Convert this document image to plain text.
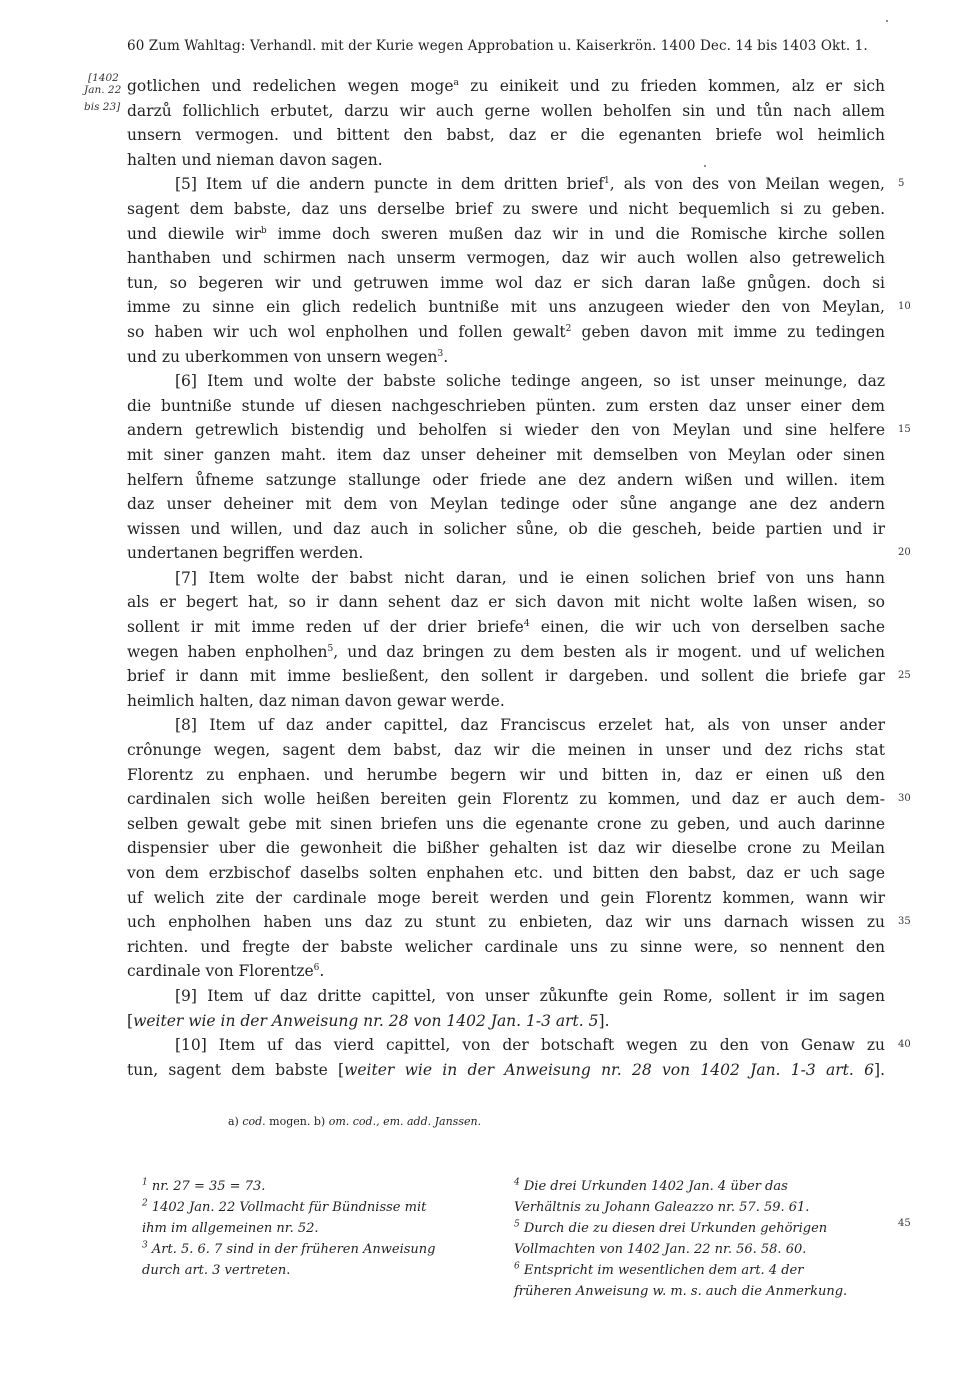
60 Zum Wahltag: Verhandl. mit der Kurie wegen Approbation u. Kaiserkrön. 1400 Dec. 14 bis 1403 Okt. 1.
[1402
Jan. 22
bis 23]
gotlichen und redelichen wegen moge$^a$ zu einikeit und zu frieden kommen, alz er sich
darzů follichlich erbutet, darzu wir auch gerne wollen beholfen sin und tůn nach allem
unsern vermogen. und bittent den babst, daz er die egenanten briefe wol heimlich
halten und nieman davon sagen.
[5] Item uf die andern puncte in dem dritten brief$^1$, als von des von Meilan wegen,
sagent dem babste, daz uns derselbe brief zu swere und nicht bequemlich si zu geben.
und diewile wir$^b$ imme doch sweren mußen daz wir in und die Romische kirche sollen
hanthaben und schirmen nach unserm vermogen, daz wir auch wollen also getrewelich
tun, so begeren wir und getruwen imme wol daz er sich daran laße gnůgen. doch si
imme zu sinne ein glich redelich buntniße mit uns anzugeen wieder den von Meylan,
so haben wir uch wol enpholhen und follen gewalt$^2$ geben davon mit imme zu tedingen
und zu uberkommen von unsern wegen$^3$.
[6] Item und wolte der babste soliche tedinge angeen, so ist unser meinunge, daz
die buntniße stunde uf diesen nachgeschrieben pünten. zum ersten daz unser einer dem
andern getrewlich bistendig und beholfen si wieder den von Meylan und sine helfere
mit siner ganzen maht. item daz unser deheiner mit demselben von Meylan oder sinen
helfern ůfneme satzunge stallunge oder friede ane dez andern wißen und willen. item
daz unser deheiner mit dem von Meylan tedinge oder sůne angange ane dez andern
wissen und willen, und daz auch in solicher sůne, ob die gescheh, beide partien und ir
undertanen begriffen werden.
[7] Item wolte der babst nicht daran, und ie einen solichen brief von uns hann
als er begert hat, so ir dann sehent daz er sich davon mit nicht wolte laßen wisen, so
sollent ir mit imme reden uf der drier briefe$^4$ einen, die wir uch von derselben sache
wegen haben enpholhen$^5$, und daz bringen zu dem besten als ir mogent. und uf welichen
brief ir dann mit imme besließent, den sollent ir dargeben. und sollent die briefe gar
heimlich halten, daz niman davon gewar werde.
[8] Item uf daz ander capittel, daz Franciscus erzelet hat, als von unser ander
crônunge wegen, sagent dem babst, daz wir die meinen in unser und dez richs stat
Florentz zu enphaen. und herumbe begern wir und bitten in, daz er einen uß den
cardinalen sich wolle heißen bereiten gein Florentz zu kommen, und daz er auch dem-
selben gewalt gebe mit sinen briefen uns die egenante crone zu geben, und auch darinne
dispensier uber die gewonheit die bißher gehalten ist daz wir dieselbe crone zu Meilan
von dem erzbischof daselbs solten enphahen etc. und bitten den babst, daz er uch sage
uf welich zite der cardinale moge bereit werden und gein Florentz kommen, wann wir
uch enpholhen haben uns daz zu stunt zu enbieten, daz wir uns darnach wissen zu
richten. und fregte der babste welicher cardinale uns zu sinne were, so nennent den
cardinale von Florentze$^6$.
[9] Item uf daz dritte capittel, von unser zůkunfte gein Rome, sollent ir im sagen
[weiter wie in der Anweisung nr. 28 von 1402 Jan. 1-3 art. 5].
[10] Item uf das vierd capittel, von der botschaft wegen zu den von Genaw zu
tun, sagent dem babste [weiter wie in der Anweisung nr. 28 von 1402 Jan. 1-3 art. 6].
5
10
15
20
25
30
35
40
45
a) cod. mogen. b) om. cod., em. add. Janssen.
$^1$ nr. 27 = 35 = 73.
$^2$ 1402 Jan. 22 Vollmacht für Bündnisse mit
ihm im allgemeinen nr. 52.
$^3$ Art. 5. 6. 7 sind in der früheren Anweisung
durch art. 3 vertreten.
$^4$ Die drei Urkunden 1402 Jan. 4 über das
Verhältnis zu Johann Galeazzo nr. 57. 59. 61.
$^5$ Durch die zu diesen drei Urkunden gehörigen
Vollmachten von 1402 Jan. 22 nr. 56. 58. 60.
$^6$ Entspricht im wesentlichen dem art. 4 der
früheren Anweisung w. m. s. auch die Anmerkung.
